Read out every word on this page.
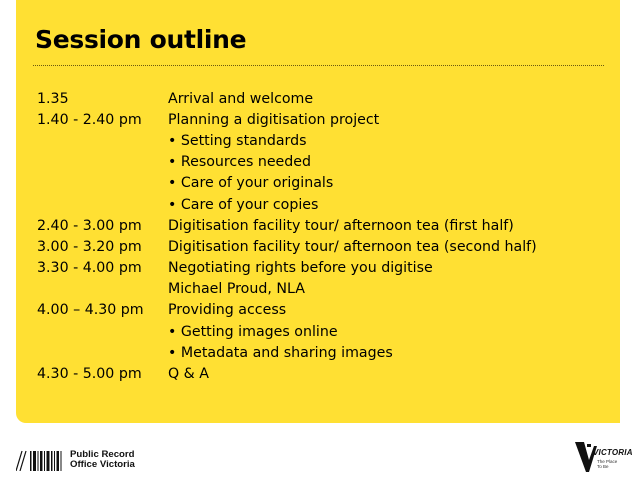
Session outline
1.35	Arrival and welcome
1.40 - 2.40 pm	Planning a digitisation project
• Setting standards
• Resources needed
• Care of your originals
• Care of your copies
2.40 - 3.00 pm	Digitisation facility tour/ afternoon tea (first half)
3.00 - 3.20 pm	Digitisation facility tour/ afternoon tea (second half)
3.30 - 4.00 pm	Negotiating rights before you digitise
Michael Proud, NLA
4.00 – 4.30 pm	Providing access
• Getting images online
• Metadata and sharing images
4.30 - 5.00 pm	Q & A
Public Record
Office Victoria
VICTORIA
The Place
To Be
